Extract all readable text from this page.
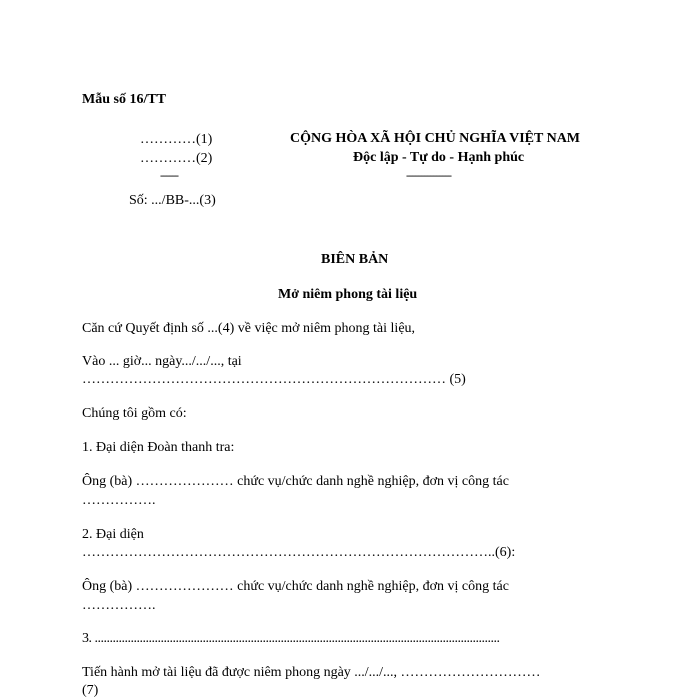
Mẫu số 16/TT
…………(1)
…………(2)
------
Số: .../BB-...(3)
CỘNG HÒA XÃ HỘI CHỦ NGHĨA VIỆT NAM
Độc lập - Tự do - Hạnh phúc
---------------
BIÊN BẢN
Mở niêm phong tài liệu
Căn cứ Quyết định số ...(4) về việc mở niêm phong tài liệu,
Vào ... giờ... ngày.../.../..., tại
…………………………………………………………………… (5)
Chúng tôi gồm có:
1. Đại diện Đoàn thanh tra:
Ông (bà) ………………… chức vụ/chức danh nghề nghiệp, đơn vị công tác
…………….
2. Đại diện
……………………………………………………………………………..(6):
Ông (bà) ………………… chức vụ/chức danh nghề nghiệp, đơn vị công tác
…………….
3. .......................................................................................................................................
Tiến hành mở tài liệu đã được niêm phong ngày .../.../..., …………………………
(7)
